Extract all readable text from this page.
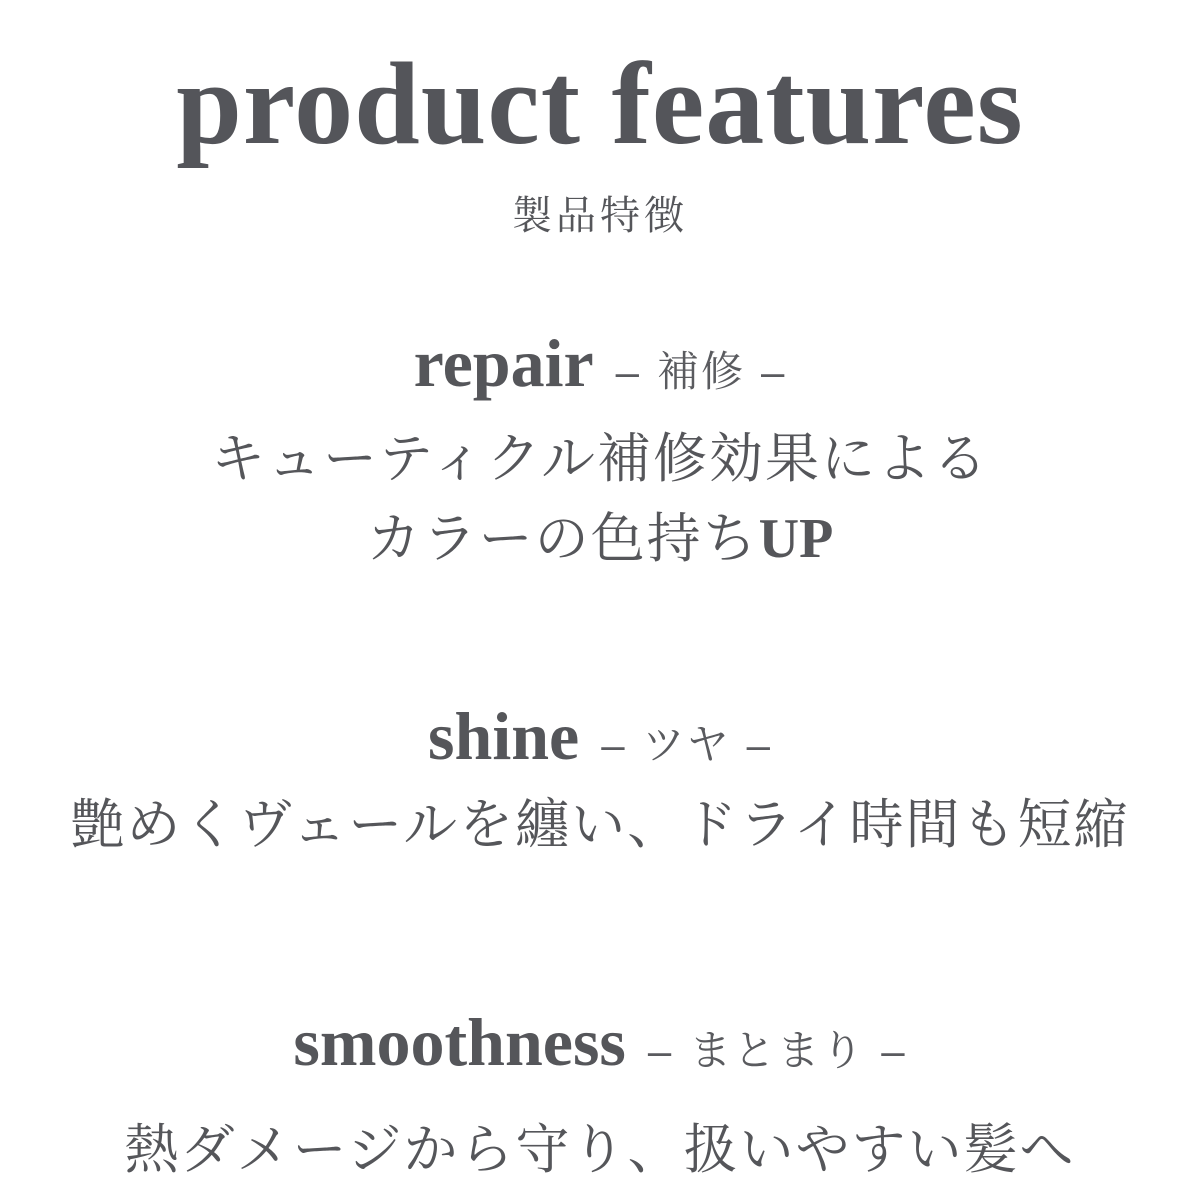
product features
製品特徴
repair – 補修 –
キューティクル補修効果による
カラーの色持ちUP
shine – ツヤ –
艶めくヴェールを纏い、ドライ時間も短縮
smoothness – まとまり –
熱ダメージから守り、扱いやすい髪へ
